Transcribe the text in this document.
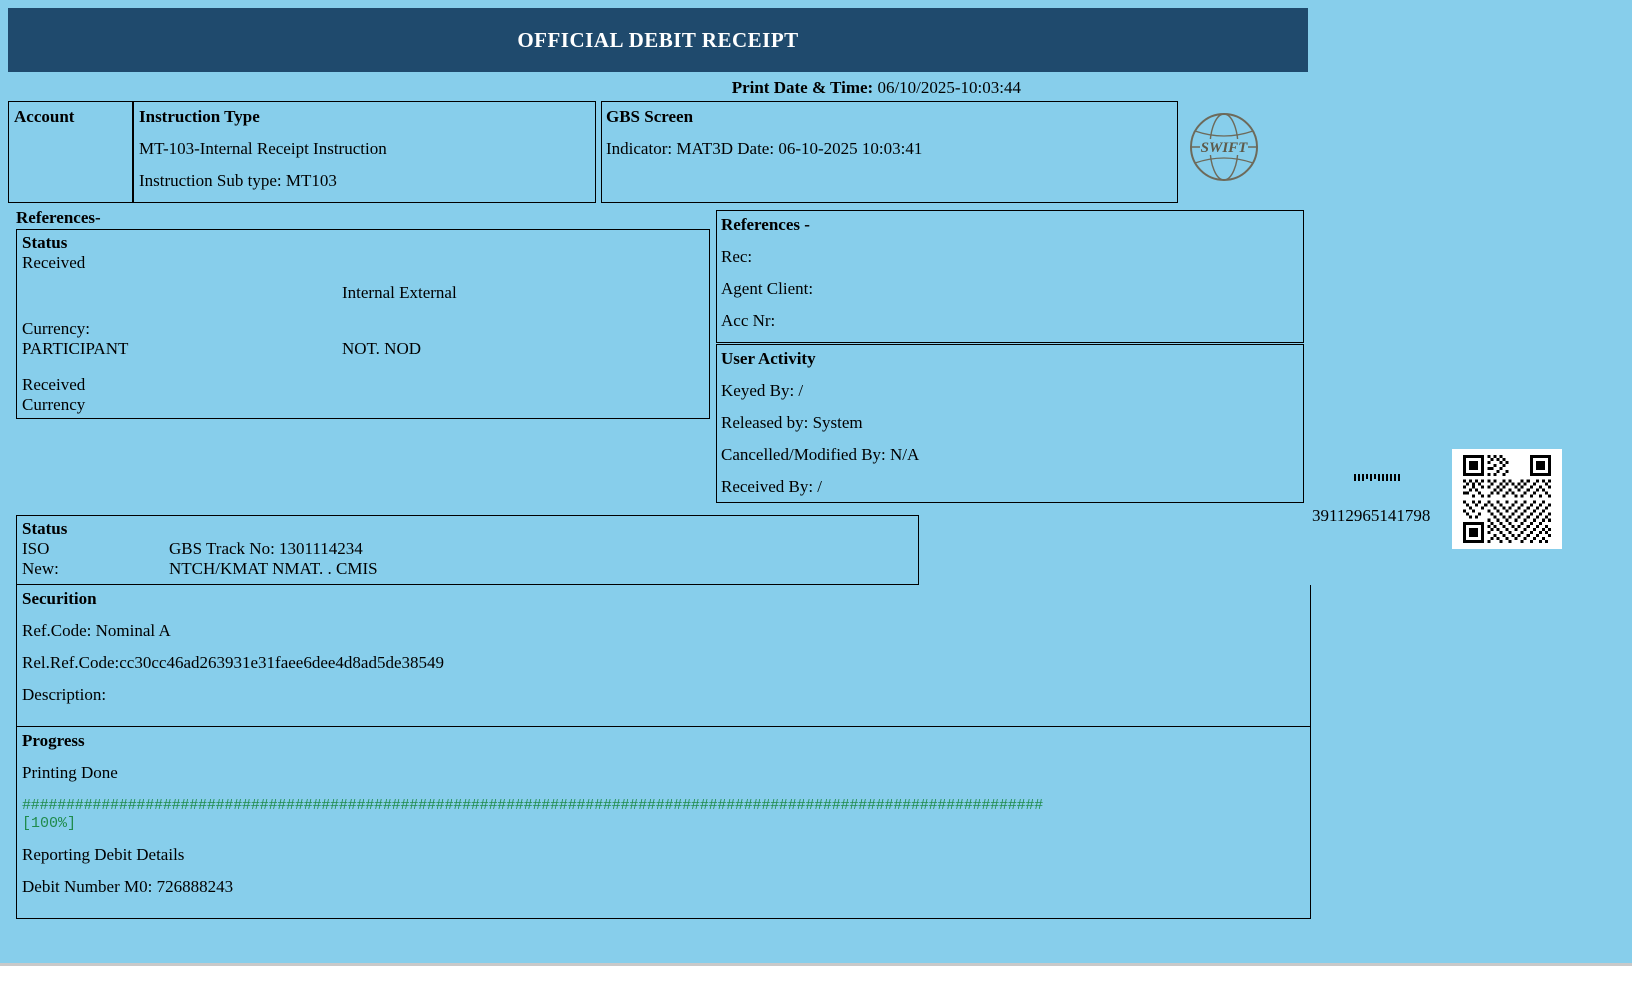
OFFICIAL DEBIT RECEIPT
Print Date & Time: 06/10/2025-10:03:44
Account	Instruction Type
MT-103-Internal Receipt Instruction
Instruction Sub type: MT103
GBS Screen
Indicator: MAT3D Date: 06-10-2025 10:03:41	SWIFT
References-
Status
Received

Internal External
Currency:
PARTICIPANT	NOT. NOD
Received
Currency
References -
Rec:
Agent Client:
Acc Nr:
User Activity
Keyed By: /
Released by: System
Cancelled/Modified By: N/A
Received By: /
Status
ISO	GBS Track No: 1301114234
New:	NTCH/KMAT NMAT. . CMIS
Securition
Ref.Code: Nominal A
Rel.Ref.Code:cc30cc46ad263931e31faee6dee4d8ad5de38549
Description:
Progress
Printing Done
####################################################################################################################
[100%]
Reporting Debit Details
Debit Number M0: 726888243
39112965141798
